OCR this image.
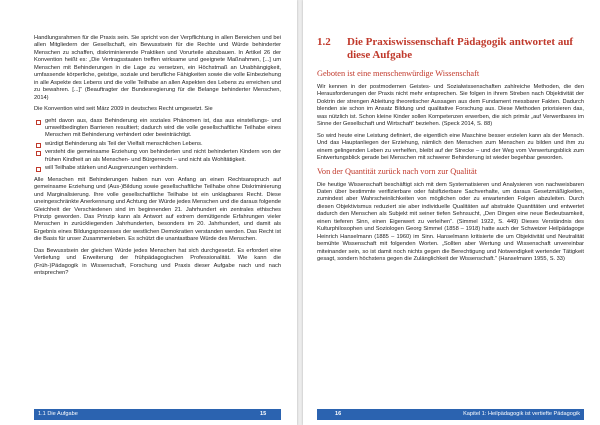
Handlungsrahmen für die Praxis sein. Sie spricht von der Verpflichtung in allen Bereichen und bei allen Mitgliedern der Gesellschaft, ein Bewusstsein für die Rechte und Würde behinderter Menschen zu schaffen, diskriminierende Praktiken und Vorurteile abzubauen. In Artikel 26 der Konvention heißt es: „Die Vertragsstaaten treffen wirksame und geeignete Maßnahmen, [...] um Menschen mit Behinderungen in die Lage zu versetzen, ein Höchstmaß an Unabhängigkeit, umfassende körperliche, geistige, soziale und berufliche Fähigkeiten sowie die volle Einbeziehung in alle Aspekte des Lebens und die volle Teilhabe an allen Aspekten des Lebens zu erreichen und zu bewahren. [...]“ (Beauftragter der Bundesregierung für die Belange behinderter Menschen, 2014)

Die Konvention wird seit März 2009 in deutsches Recht umgesetzt. Sie

geht davon aus, dass Behinderung ein soziales Phänomen ist, das aus einstellungs- und umweltbedingten Barrieren resultiert; dadurch wird die volle gesellschaftliche Teilhabe eines Menschen mit Behinderung verhindert oder beeinträchtigt.
würdigt Behinderung als Teil der Vielfalt menschlichen Lebens.
versteht die gemeinsame Erziehung von behinderten und nicht behinderten Kindern von der frühen Kindheit an als Menschen- und Bürgerrecht – und nicht als Wohltätigkeit.
will Teilhabe stärken und Ausgrenzungen verhindern.

Alle Menschen mit Behinderungen haben nun von Anfang an einen Rechtsanspruch auf gemeinsame Erziehung und (Aus-)Bildung sowie gesellschaftliche Teilhabe ohne Diskriminierung und Marginalisierung. Ihre volle gesellschaftliche Teilhabe ist ein unklagbares Recht. Diese uneingeschränkte Anerkennung und Achtung der Würde jedes Menschen und die daraus folgende Gleichheit der Verschiedenen sind im beginnenden 21. Jahrhundert ein zentrales ethisches Prinzip geworden. Das Prinzip kann als Antwort auf extrem demütigende Erfahrungen vieler Menschen in zurückliegenden Jahrhunderten, besonders im 20. Jahrhundert, und damit als Ergebnis eines Bildungsprozesses der westlichen Demokratien verstanden werden. Das Recht ist die Basis für unser Zusammenleben. Es schützt die unantastbare Würde des Menschen.

Das Bewusstsein der gleichen Würde jedes Menschen hat sich durchgesetzt. Es erfordert eine Vertiefung und Erweiterung der frühpädagogischen Professionalität. Wie kann die (Früh-)Pädagogik in Wissenschaft, Forschung und Praxis dieser Aufgabe nach und nach entsprechen?

1.1 Die Aufgabe	15
1.2	Die Praxiswissenschaft Pädagogik antwortet auf diese Aufgabe
Geboten ist eine menschenwürdige Wissenschaft

Wir kennen in der postmodernen Geistes- und Sozialwissenschaften zahlreiche Methoden, die den Herausforderungen der Praxis nicht mehr entsprechen. Sie folgen in ihrem Streben nach Objektivität der Doktrin der strengen Ableitung theoretischer Aussagen aus dem Fundament messbarer Fakten. Dadurch blenden sie schon im Ansatz Bildung und qualitative Forschung aus. Diese Methoden priorisieren das, was nützlich ist. Schon kleine Kinder sollen Kompetenzen erwerben, die sich primär „auf Verwertbares im Sinne der Gesellschaft und Wirtschaft“ beziehen. (Speck 2014, S. 88)

So wird heute eine Leistung definiert, die eigentlich eine Maschine besser erzielen kann als der Mensch. Und das Hauptanliegen der Erziehung, nämlich den Menschen zum Menschen zu bilden und ihm zu einem gelingenden Leben zu verhelfen, bleibt auf der Strecke – und der Weg vom Verwertungsblick zum Entwertungsblick gerade bei Menschen mit schwerer Behinderung ist wieder begehbar geworden.

Von der Quantität zurück nach vorn zur Qualität

Die heutige Wissenschaft beschäftigt sich mit dem Systematisieren und Analysieren von nachweisbaren Daten über bestimmte verifizierbare oder falsifizierbare Sachverhalte, um daraus Gesetzmäßigkeiten, zumindest aber Wahrscheinlichkeiten von möglichen oder zu erwartenden Folgen abzuleiten. Durch diesen Objektivismus reduziert sie aber individuelle Qualitäten auf abstrakte Quantitäten und entwertet dadurch den Menschen als Subjekt mit seiner tiefen Sehnsucht, „Den Dingen eine neue Bedeutsamkeit, einen tieferen Sinn, einen Eigenwert zu verleihen“. (Simmel 1922, S. 449) Dieses Verständnis des Kulturphilosophen und Soziologen Georg Simmel (1858 – 1918) hatte auch der Schweizer Heilpädagoge Heinrich Hanselmann (1885 – 1960) im Sinn. Hanselmann kritisierte die um Objektivität und Neutralität bemühte Wissenschaft mit folgenden Worten. „Sollten aber Wertung und Wissenschaft unvereinbar miteinander sein, so ist damit noch nichts gegen die Berechtigung und Notwendigkeit wertender Tätigkeit gesagt, sondern höchstens gegen die Zulänglichkeit der Wissenschaft.“ (Hanselmann 1955, S. 33)

16	Kapitel 1: Heilpädagogik ist vertiefte Pädagogik
